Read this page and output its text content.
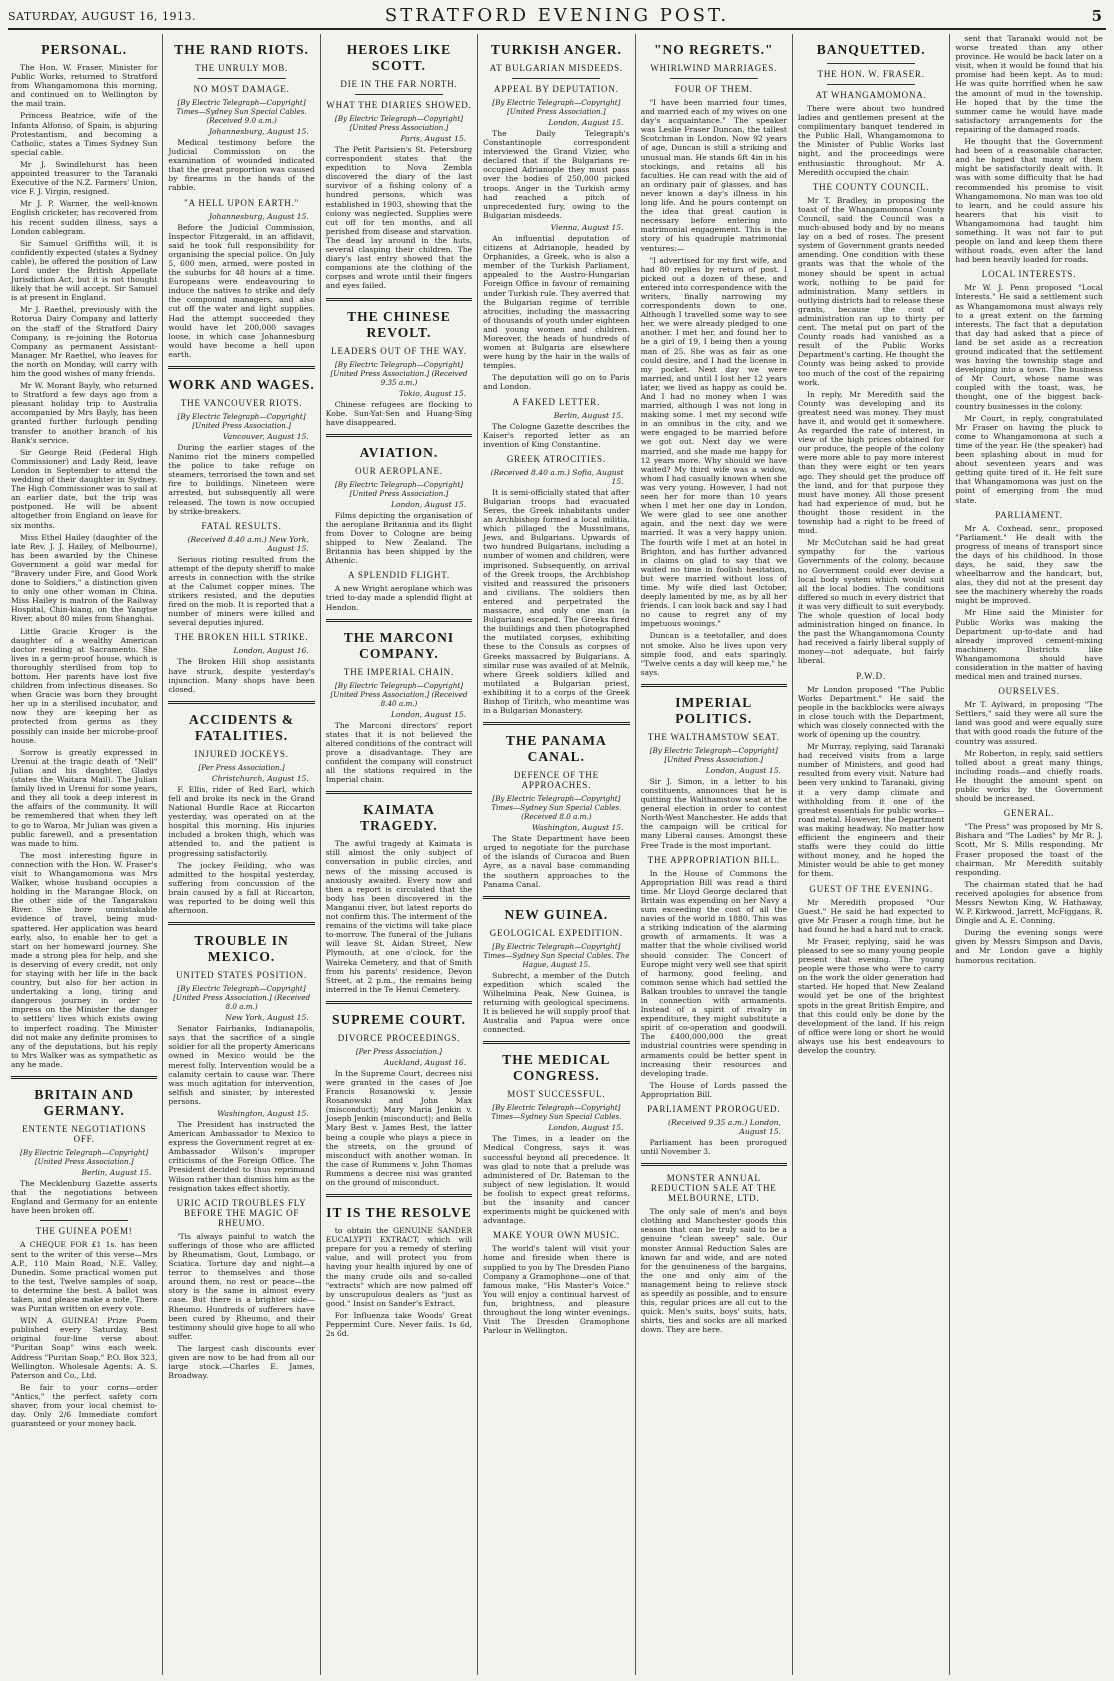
SATURDAY, AUGUST 16, 1913.	STRATFORD EVENING POST.	5
PERSONAL.

The Hon. W. Fraser, Minister for Public Works, returned to Stratford from Whangamomona this morning, and continued on to Wellington by the mail train.

Princess Beatrice, wife of the Infanta Alfonso, of Spain, is abjuring Protestantism, and becoming a Catholic, states a Times Sydney Sun special cable.

Mr J. Swindlehurst has been appointed treasurer to the Taranaki Executive of the N.Z. Farmers' Union, vice F. J. Virgin, resigned.

Mr J. P. Warner, the well-known English cricketer, has recovered from his recent sudden illness, says a London cablegram.

Sir Samuel Griffiths will, it is confidently expected (states a Sydney cable), be offered the position of Law Lord under the British Appellate Jurisdiction Act, but it is not thought likely that he will accept. Sir Samuel is at present in England.

Mr J. Raethel, previously with the Rotorua Dairy Company and latterly on the staff of the Stratford Dairy Company, is re-joining the Rotorua Company as permanent Assistant-Manager. Mr Raethel, who leaves for the north on Monday, will carry with him the good wishes of many friends.

Mr W. Morant Bayly, who returned to Stratford a few days ago from a pleasant holiday trip to Australia accompanied by Mrs Bayly, has been granted further furlough pending transfer to another branch of his Bank's service.

Sir George Reid (Federal High Commissioner) and Lady Reid, leave London in September to attend the wedding of their daughter in Sydney. The High Commissioner was to sail at an earlier date, but the trip was postponed. He will be absent altogether from England on leave for six months.

Miss Ethel Hailey (daughter of the late Rev. J. J. Hailey, of Melbourne), has been awarded by the Chinese Government a gold war medal for "Bravery under Fire, and Good Work done to Soldiers," a distinction given to only one other woman in China. Miss Hailey is matron of the Railway Hospital, Chin-kiang, on the Yangtse River, about 80 miles from Shanghai.

Little Gracie Kroger is the daughter of a wealthy American doctor residing at Sacramento. She lives in a germ-proof house, which is thoroughly sterilised from top to bottom. Her parents have lost five children from infectious diseases. So when Gracie was born they brought her up in a sterilised incubator, and now they are keeping her as protected from germs as they possibly can inside her microbe-proof house.

Sorrow is greatly expressed in Urenui at the tragic death of "Nell" Julian and his daughter, Gladys (states the Waitara Mail). The Julian family lived in Urenui for some years, and they all took a deep interest in the affairs of the community. It will be remembered that when they left to go to Waroa, Mr Julian was given a public farewell, and a presentation was made to him.

The most interesting figure in connection with the Hon. W. Fraser's visit to Whangamomona was Mrs Walker, whose husband occupies a holding in the Marangae Block, on the other side of the Tangarakau River. She bore unmistakable evidence of travel, being mud-spattered. Her application was heard early, also, to enable her to get a start on her homeward journey. She made a strong plea for help, and she is deserving of every credit, not only for staying with her life in the back country, but also for her action in undertaking a long, tiring and dangerous journey in order to impress on the Minister the danger to settlers' lives which exists owing to imperfect roading. The Minister did not make any definite promises to any of the deputations, but his reply to Mrs Walker was as sympathetic as any he made.

BRITAIN AND GERMANY.
ENTENTE NEGOTIATIONS OFF.
[By Electric Telegraph—Copyright] [United Press Association.]
Berlin, August 15.

The Mecklenburg Gazette asserts that the negotiations between England and Germany for an entente have been broken off.

THE GUINEA POEM!

A CHEQUE FOR £1 1s. has been sent to the writer of this verse—Mrs A.P., 110 Main Road, N.E. Valley, Dunedin. Some practical women put to the test, Twelve samples of soap, to determine the best. A ballot was taken, and please make a note, There was Puritan written on every vote.

WIN A GUINEA! Prize Poem published every Saturday. Best original four-line verse about "Puritan Soap" wins each week. Address "Puritan Soap," P.O. Box 323, Wellington. Wholesale Agents: A. S. Paterson and Co., Ltd.

Be fair to your corns—order "Antics," the perfect safety corn shaver, from your local chemist to-day. Only 2/6 Immediate comfort guaranteed or your money back.

THE RAND RIOTS.
THE UNRULY MOB.
NO MOST DAMAGE.
[By Electric Telegraph—Copyright] Times—Sydney Sun Special Cables. (Received 9.0 a.m.)
Johannesburg, August 15.

Medical testimony before the Judicial Commission on the examination of wounded indicated that the great proportion was caused by firearms in the hands of the rabble.

"A HELL UPON EARTH."
Johannesburg, August 15.

Before the Judicial Commission, Inspector Fitzgerald, in an affidavit, said he took full responsibility for organising the special police. On July 5, 600 men, armed, were posted in the suburbs for 48 hours at a time. Europeans were endeavouring to induce the natives to strike and defy the compound managers, and also cut off the water and light supplies. Had the attempt succeeded they would have let 200,000 savages loose, in which case Johannesburg would have become a hell upon earth.

WORK AND WAGES.
THE VANCOUVER RIOTS.
[By Electric Telegraph—Copyright] [United Press Association.]
Vancouver, August 15.

During the earlier stages of the Nanimo riot the miners compelled the police to take refuge on steamers, terrorised the town and set fire to buildings. Nineteen were arrested, but subsequently all were released. The town is now occupied by strike-breakers.

FATAL RESULTS.
(Received 8.40 a.m.) New York, August 15.

Serious rioting resulted from the attempt of the deputy sheriff to make arrests in connection with the strike at the Calumet copper mines. The strikers resisted, and the deputies fired on the mob. It is reported that a number of miners were killed and several deputies injured.

THE BROKEN HILL STRIKE.
London, August 16.

The Broken Hill shop assistants have struck, despite yesterday's injunction. Many shops have been closed.

ACCIDENTS & FATALITIES.
INJURED JOCKEYS.
[Per Press Association.]
Christchurch, August 15.

F. Ellis, rider of Red Earl, which fell and broke its neck in the Grand National Hurdle Race at Riccarton yesterday, was operated on at the hospital this morning. His injuries included a broken thigh, which was attended to, and the patient is progressing satisfactorily.

The jockey Feilding, who was admitted to the hospital yesterday, suffering from concussion of the brain caused by a fall at Riccarton, was reported to be doing well this afternoon.

TROUBLE IN MEXICO.
UNITED STATES POSITION.
[By Electric Telegraph—Copyright] [United Press Association.] (Received 8.0 a.m.)
New York, August 15.

Senator Fairbanks, Indianapolis, says that the sacrifice of a single soldier for all the property Americans owned in Mexico would be the merest folly. Intervention would be a calamity certain to cause war. There was much agitation for intervention, selfish and sinister, by interested persons.

Washington, August 15.

The President has instructed the American Ambassador to Mexico to express the Government regret at ex-Ambassador Wilson's improper criticisms of the Foreign Office. The President decided to thus reprimand Wilson rather than dismiss him as the resignation takes effect shortly.

URIC ACID TROUBLES FLY BEFORE THE MAGIC OF RHEUMO.

'Tis always painful to watch the sufferings of those who are afflicted by Rheumatism, Gout, Lumbago, or Sciatica. Torture day and night—a terror to themselves and those around them, no rest or peace—the story is the same in almost every case. But there is a brighter side—Rheumo. Hundreds of sufferers have been cured by Rheumo, and their testimony should give hope to all who suffer.

The largest cash discounts ever given are now to be had from all our large stock.—Charles E. James, Broadway.

HEROES LIKE SCOTT.
DIE IN THE FAR NORTH.
WHAT THE DIARIES SHOWED.
[By Electric Telegraph—Copyright] [United Press Association.]
Paris, August 15.

The Petit Parisien's St. Petersburg correspondent states that the expedition to Nova Zembla discovered the diary of the last survivor of a fishing colony of a hundred persons, which was established in 1903, showing that the colony was neglected. Supplies were cut off for ten months, and all perished from disease and starvation. The dead lay around in the huts, several clasping their children. The diary's last entry showed that the companions ate the clothing of the corpses and wrote until their fingers and eyes failed.

THE CHINESE REVOLT.
LEADERS OUT OF THE WAY.
[By Electric Telegraph—Copyright] [United Press Association.] (Received 9.35 a.m.)
Tokio, August 15.

Chinese refugees are flocking to Kobe. Sun-Yat-Sen and Huang-Sing have disappeared.

AVIATION.
OUR AEROPLANE.
[By Electric Telegraph—Copyright] [United Press Association.]
London, August 15.

Films depicting the organisation of the aeroplane Britannia and its flight from Dover to Cologne are being shipped to New Zealand. The Britannia has been shipped by the Athenic.

A SPLENDID FLIGHT.

A new Wright aeroplane which was tried to-day made a splendid flight at Hendon.

THE MARCONI COMPANY.
THE IMPERIAL CHAIN.
[By Electric Telegraph—Copyright] [United Press Association.] (Received 8.40 a.m.)
London, August 15.

The Marconi directors' report states that it is not believed the altered conditions of the contract will prove a disadvantage. They are confident the company will construct all the stations required in the Imperial chain.

KAIMATA TRAGEDY.

The awful tragedy at Kaimata is still almost the only subject of conversation in public circles, and news of the missing accused is anxiously awaited. Every now and then a report is circulated that the body has been discovered in the Manganui river, but latest reports do not confirm this. The interment of the remains of the victims will take place to-morrow. The funeral of the Julians will leave St. Aidan Street, New Plymouth, at one o'clock, for the Waireka Cemetery, and that of Smith from his parents' residence, Devon Street, at 2 p.m., the remains being interred in the Te Henui Cemetery.

SUPREME COURT.
DIVORCE PROCEEDINGS.
[Per Press Association.]
Auckland, August 16.

In the Supreme Court, decrees nisi were granted in the cases of Joe Francis Rosanowski v. Jessie Rosanowski and John Max (misconduct); Mary Maria Jenkin v. Joseph Jenkin (misconduct); and Bella Mary Best v. James Best, the latter being a couple who plays a piece in the streets, on the ground of misconduct with another woman. In the case of Rummens v. John Thomas Rummens a decree nisi was granted on the ground of misconduct.

IT IS THE RESOLVE

to obtain the GENUINE SANDER EUCALYPTI EXTRACT, which will prepare for you a remedy of sterling value, and will protect you from having your health injured by one of the many crude oils and so-called "extracts" which are now palmed off by unscrupulous dealers as "just as good." Insist on Sander's Extract.

For Influenza take Woods' Great Peppermint Cure. Never fails. 1s 6d, 2s 6d.

TURKISH ANGER.
AT BULGARIAN MISDEEDS.
APPEAL BY DEPUTATION.
[By Electric Telegraph—Copyright] [United Press Association.]
London, August 15.

The Daily Telegraph's Constantinople correspondent interviewed the Grand Vizier, who declared that if the Bulgarians re-occupied Adrianople they must pass over the bodies of 250,000 picked troops. Anger in the Turkish army had reached a pitch of unprecedented fury, owing to the Bulgarian misdeeds.

Vienna, August 15.

An influential deputation of citizens at Adrianople, headed by Orphanides, a Greek, who is also a member of the Turkish Parliament, appealed to the Austro-Hungarian Foreign Office in favour of remaining under Turkish rule. They averred that the Bulgarian regime of terrible atrocities, including the massacring of thousands of youth under eighteen and young women and children. Moreover, the heads of hundreds of women at Bulgaria are elsewhere were hung by the hair in the walls of temples.

The deputation will go on to Paris and London.

A FAKED LETTER.
Berlin, August 15.

The Cologne Gazette describes the Kaiser's reported letter as an invention of King Constantine.

GREEK ATROCITIES.
(Received 8.40 a.m.) Sofia, August 15.

It is semi-officially stated that after Bulgarian troops had evacuated Seres, the Greek inhabitants under an Archbishop formed a local militia, which pillaged the Mussulmans, Jews, and Bulgarians. Upwards of two hundred Bulgarians, including a number of women and children, were imprisoned. Subsequently, on arrival of the Greek troops, the Archbishop visited and reassured the prisoners and civilians. The soldiers then entered and perpetrated the massacre, and only one man (a Bulgarian) escaped. The Greeks fired the buildings and then photographed the mutilated corpses, exhibiting these to the Consuls as corpses of Greeks massacred by Bulgarians. A similar ruse was availed of at Melnik, where Greek soldiers killed and mutilated a Bulgarian priest, exhibiting it to a corps of the Greek Bishop of Tiritch, who meantime was in a Bulgarian Monastery.

THE PANAMA CANAL.
DEFENCE OF THE APPROACHES.
[By Electric Telegraph—Copyright] Times—Sydney Sun Special Cables. (Received 8.0 a.m.)
Washington, August 15.

The State Department have been urged to negotiate for the purchase of the islands of Curacoa and Buen Ayre, as a naval base commanding the southern approaches to the Panama Canal.

NEW GUINEA.
GEOLOGICAL EXPEDITION.
[By Electric Telegraph—Copyright] Times—Sydney Sun Special Cables. The Hague, August 15.

Subrecht, a member of the Dutch expedition which scaled the Wilhelmina Peak, New Guinea, is returning with geological specimens. It is believed he will supply proof that Australia and Papua were once connected.

THE MEDICAL CONGRESS.
MOST SUCCESSFUL.
[By Electric Telegraph—Copyright] Times—Sydney Sun Special Cables.
London, August 15.

The Times, in a leader on the Medical Congress, says it was successful beyond all precedence. It was glad to note that a prelude was administered of Dr. Bateman to the subject of new legislation. It would be foolish to expect great reforms, but the insanity and cancer experiments might be quickened with advantage.

MAKE YOUR OWN MUSIC.

The world's talent will visit your home and fireside when there is supplied to you by The Dresden Piano Company a Gramophone—one of that famous make, "His Master's Voice." You will enjoy a continual harvest of fun, brightness, and pleasure throughout the long winter evenings. Visit The Dresden Gramophone Parlour in Wellington.

"NO REGRETS."
WHIRLWIND MARRIAGES.
FOUR OF THEM.

"I have been married four times, and married each of my wives on one day's acquaintance." The speaker was Leslie Fraser Duncan, the tallest Scotchman in London. Now 92 years of age, Duncan is still a striking and unusual man. He stands 6ft 4in in his stockings, and retains all his faculties. He can read with the aid of an ordinary pair of glasses, and has never known a day's illness in his long life. And he pours contempt on the idea that great caution is necessary before entering into matrimonial engagement. This is the story of his quadruple matrimonial ventures:—

"I advertised for my first wife, and had 80 replies by return of post. I picked out a dozen of these, and entered into correspondence with the writers, finally narrowing my correspondents down to one. Although I travelled some way to see her, we were already pledged to one another. I met her, and found her to be a girl of 19, I being then a young man of 25. She was as fair as one could desire, and I had the license in my pocket. Next day we were married, and until I lost her 12 years later, we lived as happy as could be. And I had no money when I was married, although I was not long in making some. I met my second wife in an omnibus in the city, and we were engaged to be married before we got out. Next day we were married, and she made me happy for 12 years more. Why should we have waited? My third wife was a widow, whom I had casually known when she was very young. However, I had not seen her for more than 10 years when I met her one day in London. We were glad to see one another again, and the next day we were married. It was a very happy union. The fourth wife I met at an hotel in Brighton, and has further advanced in claims on glad to say that we waited no time in foolish hesitation, but were married without loss of time. My wife died last October, deeply lamented by me, as by all her friends. I can look back and say I had no cause to regret any of my impetuous wooings."

Duncan is a teetotaller, and does not smoke. Also he lives upon very simple food, and eats sparingly. "Twelve cents a day will keep me," he says.

IMPERIAL POLITICS.
THE WALTHAMSTOW SEAT.
[By Electric Telegraph—Copyright] [United Press Association.]
London, August 15.

Sir J. Simon, in a letter to his constituents, announces that he is quitting the Walthamstow seat at the general election in order to contest North-West Manchester. He adds that the campaign will be critical for many Liberal causes. Amongst these Free Trade is the most important.

THE APPROPRIATION BILL.

In the House of Commons the Appropriation Bill was read a third time. Mr Lloyd George declared that Britain was expending on her Navy a sum exceeding the cost of all the navies of the world in 1880. This was a striking indication of the alarming growth of armaments. It was a matter that the whole civilised world should consider. The Concert of Europe might very well see that spirit of harmony, good feeling, and common sense which had settled the Balkan troubles to unravel the tangle in connection with armaments. Instead of a spirit of rivalry in expenditure, they might substitute a spirit of co-operation and goodwill. The £400,000,000 the great industrial countries were spending in armaments could be better spent in increasing their resources and developing trade.

The House of Lords passed the Appropriation Bill.

PARLIAMENT PROROGUED.
(Received 9.35 a.m.) London, August 15.

Parliament has been prorogued until November 3.

MONSTER ANNUAL REDUCTION SALE AT THE MELBOURNE, LTD.

The only sale of men's and boys clothing and Manchester goods this season that can be truly said to be a genuine "clean sweep" sale. Our monster Annual Reduction Sales are known far and wide, and are noted for the genuineness of the bargains, the one and only aim of the management being to relieve stock as speedily as possible, and to ensure this, regular prices are all cut to the quick. Men's suits, boys' suits, hats, shirts, ties and socks are all marked down. They are here.

BANQUETTED.
THE HON. W. FRASER.
AT WHANGAMOMONA.

There were about two hundred ladies and gentlemen present at the complimentary banquet tendered in the Public Hall, Whangamomona to the Minister of Public Works last night, and the proceedings were enthusiastic throughout. Mr A. Meredith occupied the chair.

THE COUNTY COUNCIL.

Mr T. Bradley, in proposing the toast of the Whangamomona County Council, said the Council was a much-abused body and by no means lay on a bed of roses. The present system of Government grants needed amending. One condition with these grants was that the whole of the money should be spent in actual work, nothing to be paid for administration. Many settlers in outlying districts had to release these grants, because the cost of administration ran up to thirty per cent. The metal put on part of the County roads had vanished as a result of the Public Works Department's carting. He thought the County was being asked to provide too much of the cost of the repairing work.

In reply, Mr Meredith said the County was developing and its greatest need was money. They must have it, and would get it somewhere. As regarded the rate of interest, in view of the high prices obtained for our produce, the people of the colony were more able to pay more interest than they were eight or ten years ago. They should get the produce off the land, and for that purpose they must have money. All those present had had experience of mud, but he thought those resident in the township had a right to be freed of mud.

Mr McCutchan said he had great sympathy for the various Governments of the colony, because no Government could ever devise a local body system which would suit all the local bodies. The conditions differed so much in every district that it was very difficult to suit everybody. The whole question of local body administration hinged on finance. In the past the Whangamomona County had received a fairly liberal supply of money—not adequate, but fairly liberal.

P.W.D.

Mr London proposed "The Public Works Department." He said the people in the backblocks were always in close touch with the Department, which was closely connected with the work of opening up the country.

Mr Murray, replying, said Taranaki had received visits from a large number of Ministers, and good had resulted from every visit. Nature had been very unkind to Taranaki, giving it a very damp climate and withholding from it one of the greatest essentials for public works—road metal. However, the Department was making headway. No matter how efficient the engineers and their staffs were they could do little without money, and he hoped the Minister would be able to get money for them.

GUEST OF THE EVENING.

Mr Meredith proposed "Our Guest." He said he had expected to give Mr Fraser a rough time, but he had found he had a hard nut to crack.

Mr Fraser, replying, said he was pleased to see so many young people present that evening. The young people were those who were to carry on the work the older generation had started. He hoped that New Zealand would yet be one of the brightest spots in the great British Empire, and that this could only be done by the development of the land. If his reign of office were long or short he would always use his best endeavours to develop the country.

sent that Taranaki would not be worse treated than any other province. He would be back later on a visit, when it would be found that his promise had been kept. As to mud: He was quite horrified when he saw the amount of mud in the township. He hoped that by the time the summer came he would have made satisfactory arrangements for the repairing of the damaged roads.

He thought that the Government had been of a reasonable character, and he hoped that many of them might be satisfactorily dealt with. It was with some difficulty that he had recommended his promise to visit Whangamomona. No man was too old to learn, and he could assure his hearers that his visit to Whangamomona had taught him something. It was not fair to put people on land and keep them there without roads, even after the land had been heavily loaded for roads.

LOCAL INTERESTS.

Mr W. J. Penn proposed "Local Interests." He said a settlement such as Whangamomona must always rely to a great extent on the farming interests. The fact that a deputation that day had asked that a piece of land be set aside as a recreation ground indicated that the settlement was having the township stage and developing into a town. The business of Mr Court, whose name was coupled with the toast, was, he thought, one of the biggest back-country businesses in the colony.

Mr Court, in reply, congratulated Mr Fraser on having the pluck to come to Whangamomona at such a time of the year. He (the speaker) had been splashing about in mud for about seventeen years and was getting quite tired of it. He felt sure that Whangamomona was just on the point of emerging from the mud state.

PARLIAMENT.

Mr A. Coxhead, senr., proposed "Parliament." He dealt with the progress of means of transport since the days of his childhood. In those days, he said, they saw the wheelbarrow and the handcart, but, alas, they did not at the present day see the machinery whereby the roads might be improved.

Mr Hine said the Minister for Public Works was making the Department up-to-date and had already improved cement-mixing machinery. Districts like Whangamomona should have consideration in the matter of having medical men and trained nurses.

OURSELVES.

Mr T. Aylward, in proposing "The Settlers," said they were all sure the land was good and were equally sure that with good roads the future of the country was assured.

Mr Roberton, in reply, said settlers tolled about a great many things, including roads—and chiefly roads. He thought the amount spent on public works by the Government should be increased.

GENERAL.

"The Press" was proposed by Mr S. Bishara and "The Ladies" by Mr R. J. Scott, Mr S. Mills responding. Mr Fraser proposed the toast of the chairman, Mr Meredith suitably responding.

The chairman stated that he had received apologies for absence from Messrs Newton King, W. Hathaway, W. P. Kirkwood, Jarrett, McFiggans, R. Dingle and A. E. Conning.

During the evening songs were given by Messrs Simpson and Davis, and Mr London gave a highly humorous recitation.
